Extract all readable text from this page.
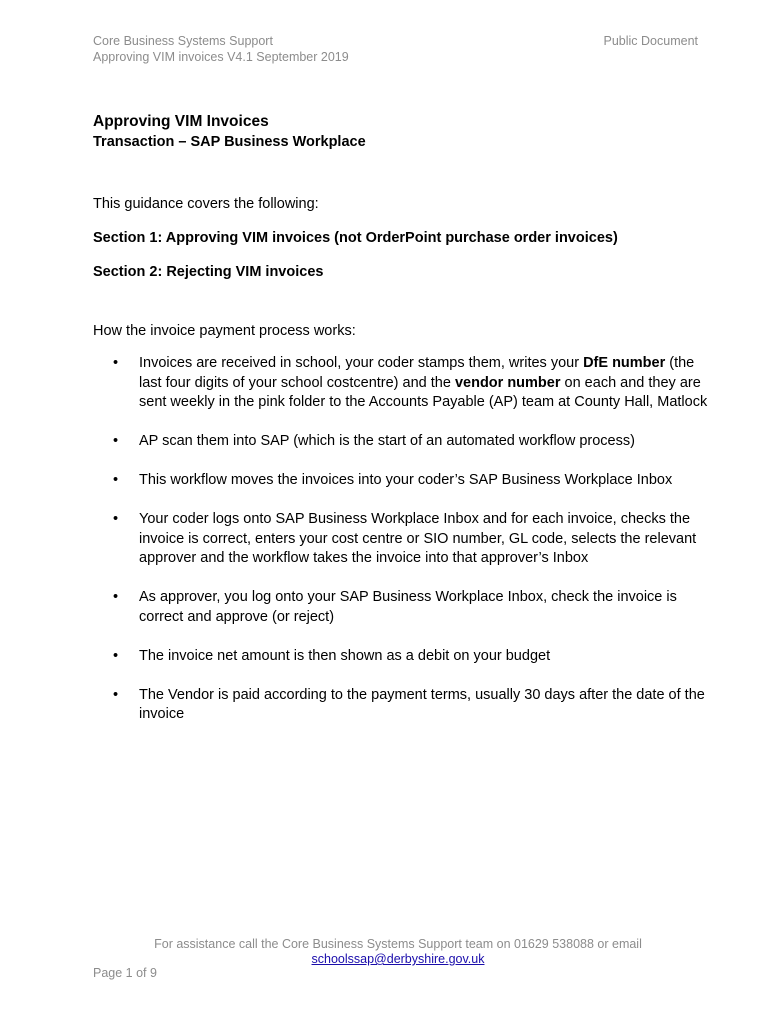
Core Business Systems Support
Approving VIM invoices V4.1 September 2019
Public Document
Approving VIM Invoices
Transaction – SAP Business Workplace
This guidance covers the following:
Section 1: Approving VIM invoices (not OrderPoint purchase order invoices)
Section 2: Rejecting VIM invoices
How the invoice payment process works:
• Invoices are received in school, your coder stamps them, writes your DfE number (the last four digits of your school costcentre) and the vendor number on each and they are sent weekly in the pink folder to the Accounts Payable (AP) team at County Hall, Matlock
• AP scan them into SAP (which is the start of an automated workflow process)
• This workflow moves the invoices into your coder’s SAP Business Workplace Inbox
• Your coder logs onto SAP Business Workplace Inbox and for each invoice, checks the invoice is correct, enters your cost centre or SIO number, GL code, selects the relevant approver and the workflow takes the invoice into that approver’s Inbox
• As approver, you log onto your SAP Business Workplace Inbox, check the invoice is correct and approve (or reject)
• The invoice net amount is then shown as a debit on your budget
• The Vendor is paid according to the payment terms, usually 30 days after the date of the invoice
For assistance call the Core Business Systems Support team on 01629 538088 or email
schoolssap@derbyshire.gov.uk
Page 1 of 9
